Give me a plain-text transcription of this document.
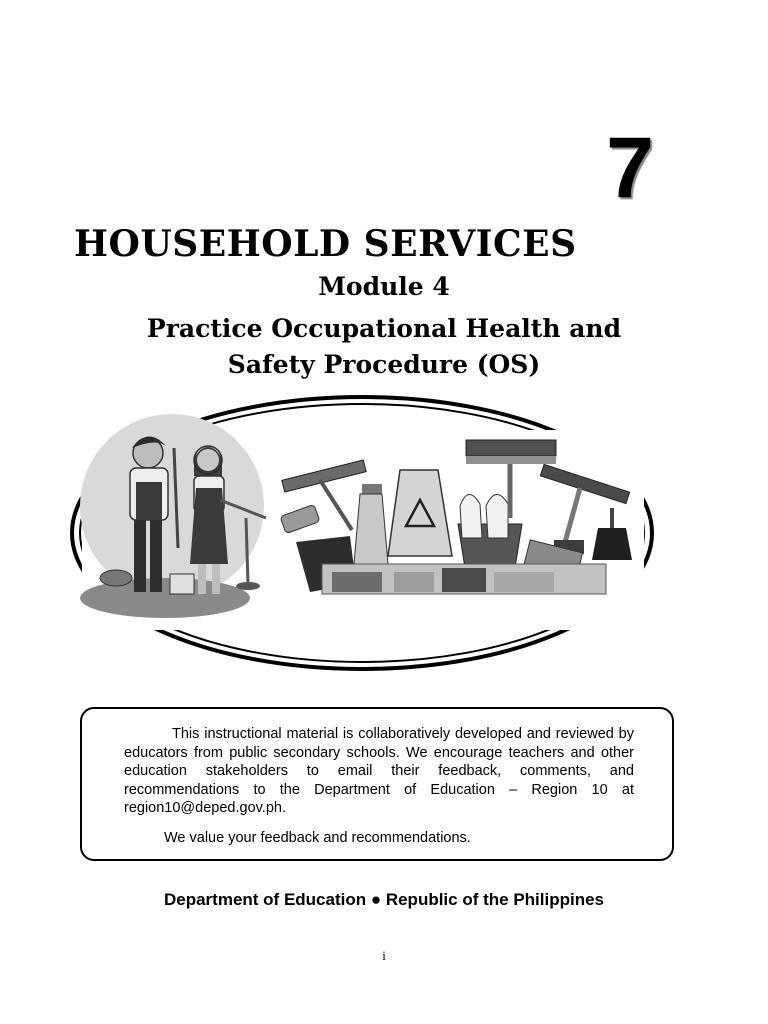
7
HOUSEHOLD SERVICES
Module 4
Practice Occupational Health and
Safety Procedure (OS)

This instructional material is collaboratively developed and reviewed by educators from public secondary schools. We encourage teachers and other education stakeholders to email their feedback, comments, and recommendations to the Department of Education – Region 10 at region10@deped.gov.ph.

We value your feedback and recommendations.

Department of Education ● Republic of the Philippines
i
